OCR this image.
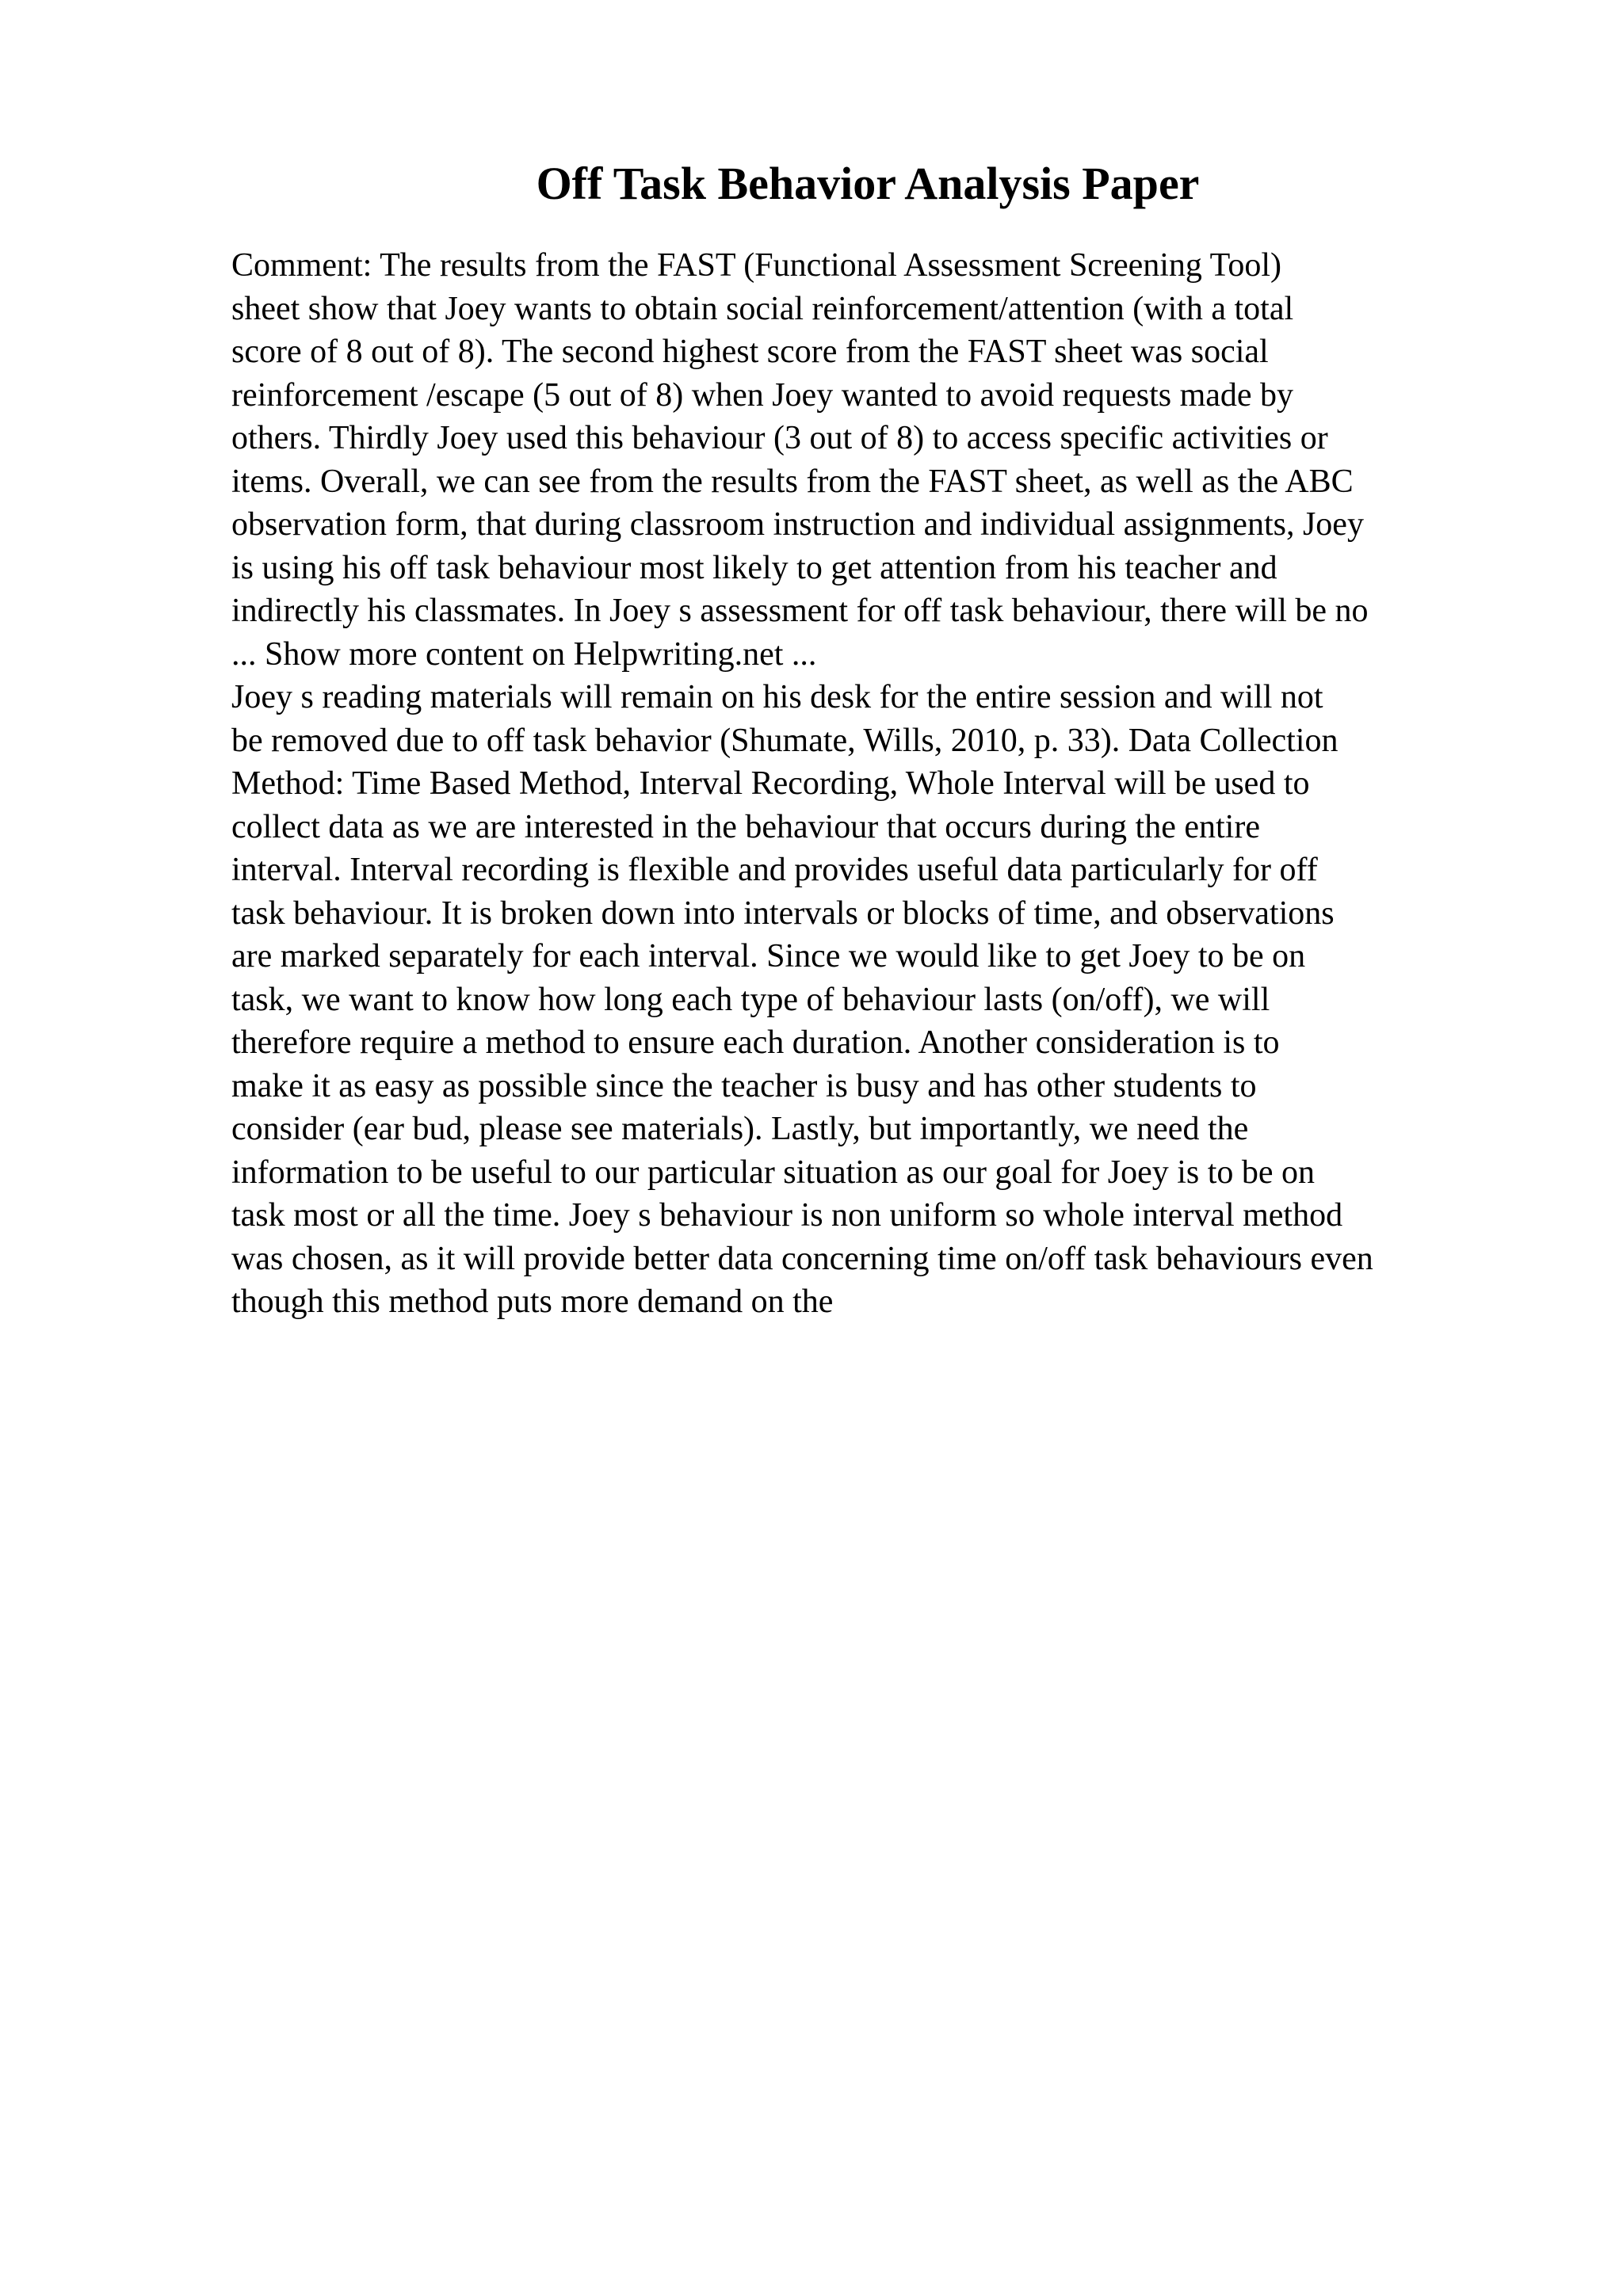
Off Task Behavior Analysis Paper
Comment: The results from the FAST (Functional Assessment Screening Tool)
sheet show that Joey wants to obtain social reinforcement/attention (with a total
score of 8 out of 8). The second highest score from the FAST sheet was social
reinforcement /escape (5 out of 8) when Joey wanted to avoid requests made by
others. Thirdly Joey used this behaviour (3 out of 8) to access specific activities or
items. Overall, we can see from the results from the FAST sheet, as well as the ABC
observation form, that during classroom instruction and individual assignments, Joey
is using his off task behaviour most likely to get attention from his teacher and
indirectly his classmates. In Joey s assessment for off task behaviour, there will be no
... Show more content on Helpwriting.net ...
Joey s reading materials will remain on his desk for the entire session and will not
be removed due to off task behavior (Shumate, Wills, 2010, p. 33). Data Collection
Method: Time Based Method, Interval Recording, Whole Interval will be used to
collect data as we are interested in the behaviour that occurs during the entire
interval. Interval recording is flexible and provides useful data particularly for off
task behaviour. It is broken down into intervals or blocks of time, and observations
are marked separately for each interval. Since we would like to get Joey to be on
task, we want to know how long each type of behaviour lasts (on/off), we will
therefore require a method to ensure each duration. Another consideration is to
make it as easy as possible since the teacher is busy and has other students to
consider (ear bud, please see materials). Lastly, but importantly, we need the
information to be useful to our particular situation as our goal for Joey is to be on
task most or all the time. Joey s behaviour is non uniform so whole interval method
was chosen, as it will provide better data concerning time on/off task behaviours even
though this method puts more demand on the
